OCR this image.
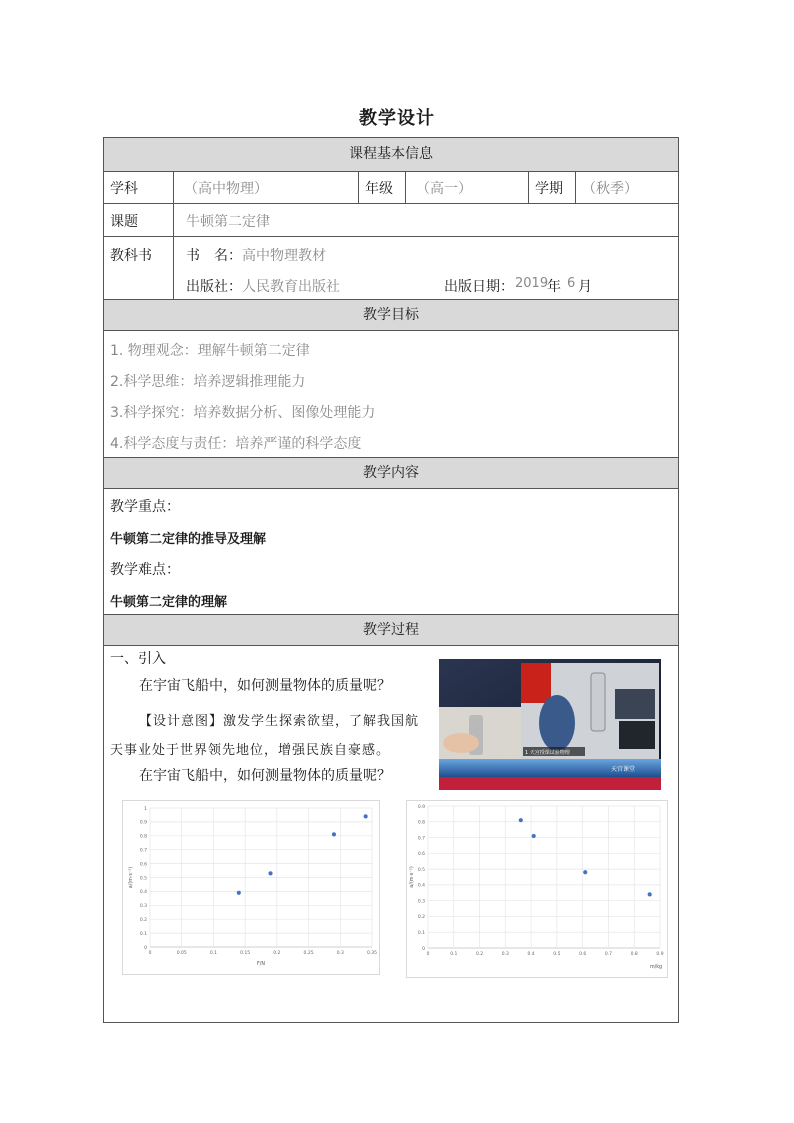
教学设计
课程基本信息
学科	（高中物理）	年级 （高一）	学期 （秋季）
课题	牛顿第二定律
教科书 书　名： 高中物理教材
出版社： 人民教育出版社	出版日期： 2019
年 6 月
教学目标
1. 物理观念：理解牛顿第二定律
2.科学思维：培养逻辑推理能力
3.科学探究：培养数据分析、图像处理能力
4.科学态度与责任：培养严谨的科学态度
教学内容
教学重点：
牛顿第二定律的推导及理解
教学难点：
牛顿第二定律的理解
教学过程
一、引入
在宇宙飞船中，如何测量物体的质量呢？
【设计意图】激发学生探索欲望，了解我国航
天事业处于世界领先地位，增强民族自豪感。
在宇宙飞船中，如何测量物体的质量呢？
1 天宫授课试验物理
天宫课堂
0
0.1
0.2
0.3
0.4
0.5
0.6
0.7
0.8
0.9
1
0	0.05	0.1	0.15	0.2	0.25	0.3	0.35
F/N
a/(m·s⁻²)
0
0.1
0.2
0.3
0.4
0.5
0.6
0.7
0.8
0.9
0	0.1	0.2	0.3	0.4	0.5	0.6	0.7	0.8	0.9
m/kg
a/(m·s⁻²)
